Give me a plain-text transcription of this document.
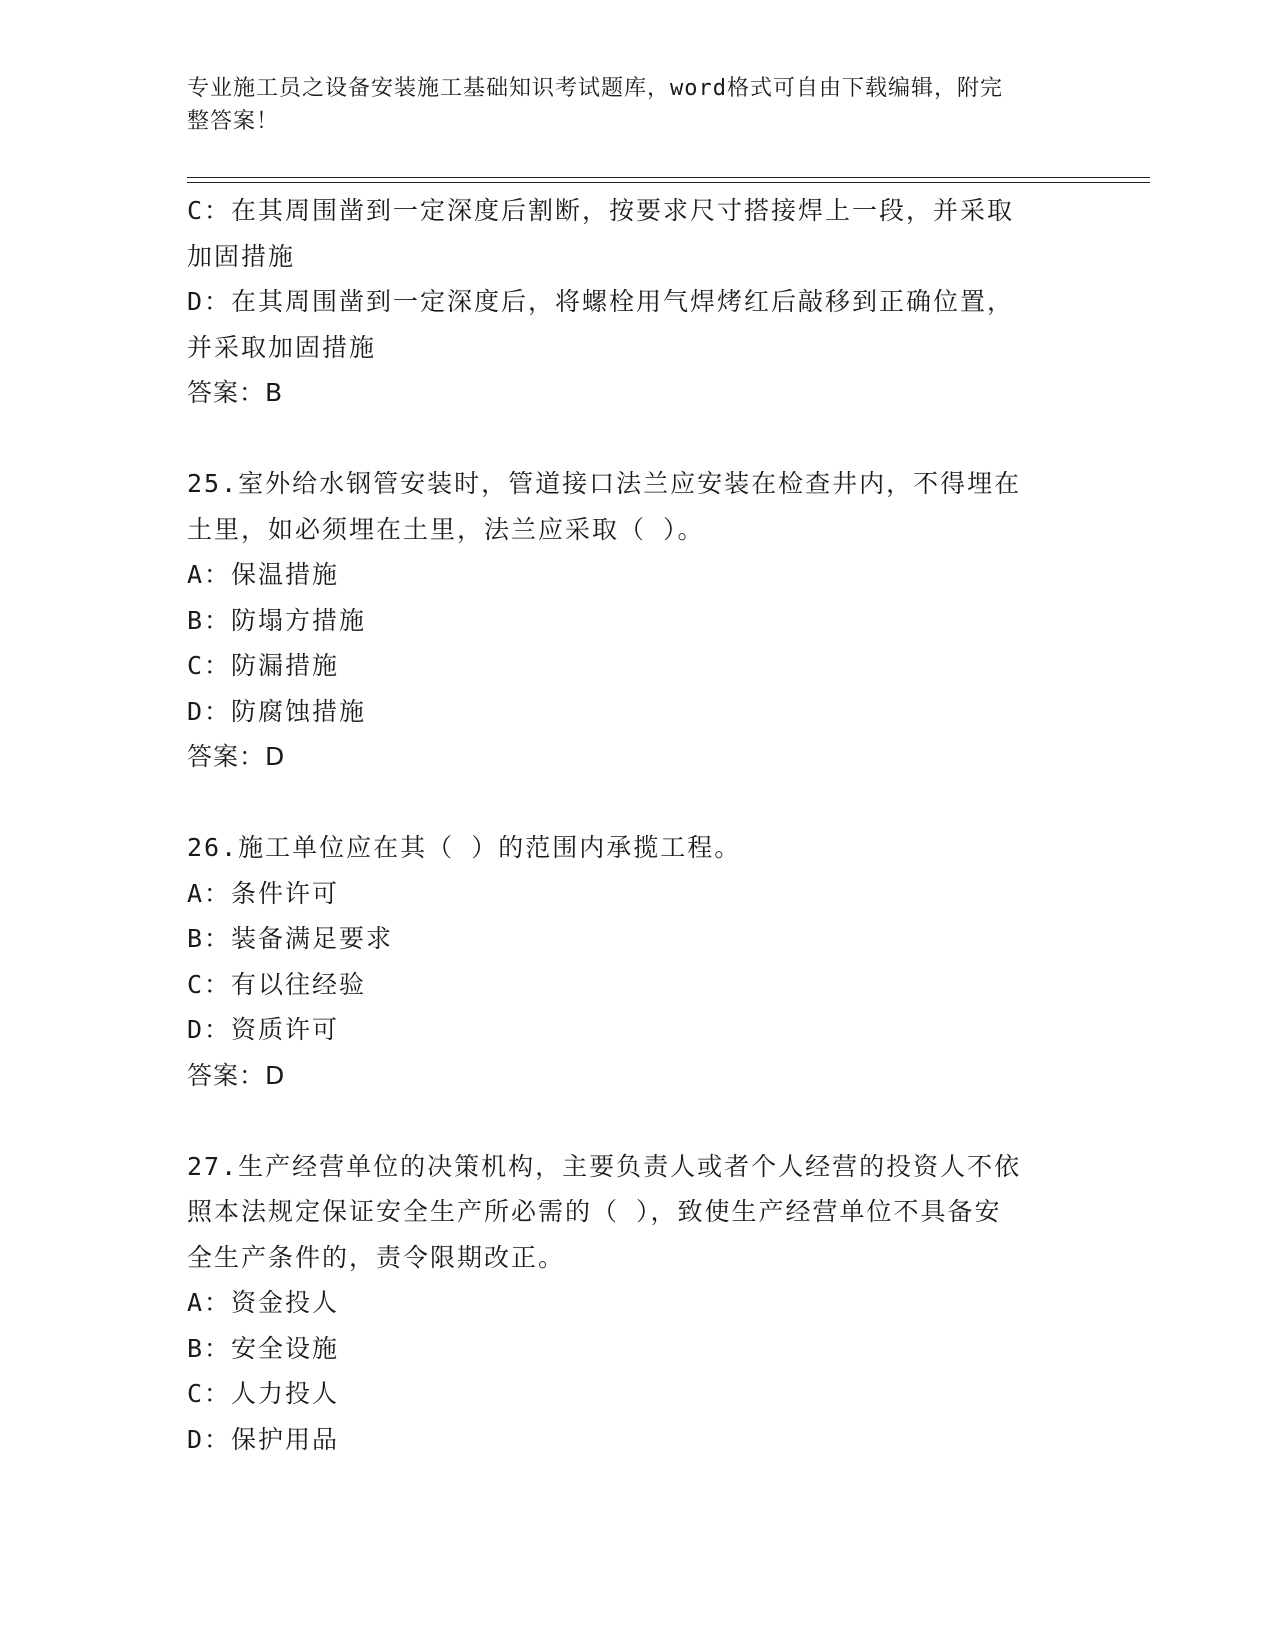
专业施工员之设备安装施工基础知识考试题库，word格式可自由下载编辑，附完
整答案！
C：在其周围凿到一定深度后割断，按要求尺寸搭接焊上一段，并采取
加固措施
D：在其周围凿到一定深度后，将螺栓用气焊烤红后敲移到正确位置，
并采取加固措施
答案：B
25.室外给水钢管安装时，管道接口法兰应安装在检查井内，不得埋在
土里，如必须埋在土里，法兰应采取（ ）。
A：保温措施
B：防塌方措施
C：防漏措施
D：防腐蚀措施
答案：D
26.施工单位应在其（ ）的范围内承揽工程。
A：条件许可
B：装备满足要求
C：有以往经验
D：资质许可
答案：D
27.生产经营单位的决策机构，主要负责人或者个人经营的投资人不依
照本法规定保证安全生产所必需的（ ），致使生产经营单位不具备安
全生产条件的，责令限期改正。
A：资金投人
B：安全设施
C：人力投人
D：保护用品
